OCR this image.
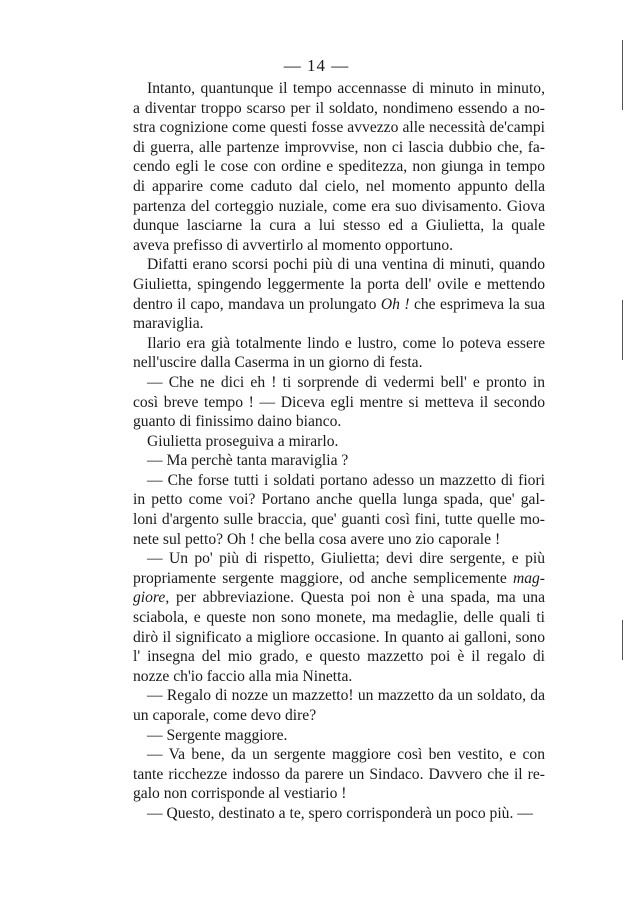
— 14 —
Intanto, quantunque il tempo accennasse di minuto in minuto,
a diventar troppo scarso per il soldato, nondimeno essendo a no-
stra cognizione come questi fosse avvezzo alle necessità de'campi
di guerra, alle partenze improvvise, non ci lascia dubbio che, fa-
cendo egli le cose con ordine e speditezza, non giunga in tempo
di apparire come caduto dal cielo, nel momento appunto della
partenza del corteggio nuziale, come era suo divisamento. Giova
dunque lasciarne la cura a lui stesso ed a Giulietta, la quale
aveva prefisso di avvertirlo al momento opportuno.
Difatti erano scorsi pochi più di una ventina di minuti, quando
Giulietta, spingendo leggermente la porta dell' ovile e mettendo
dentro il capo, mandava un prolungato Oh ! che esprimeva la sua
maraviglia.
Ilario era già totalmente lindo e lustro, come lo poteva essere
nell'uscire dalla Caserma in un giorno di festa.
— Che ne dici eh ! ti sorprende di vedermi bell' e pronto in
così breve tempo ! — Diceva egli mentre si metteva il secondo
guanto di finissimo daino bianco.
Giulietta proseguiva a mirarlo.
— Ma perchè tanta maraviglia ?
— Che forse tutti i soldati portano adesso un mazzetto di fiori
in petto come voi? Portano anche quella lunga spada, que' gal-
loni d'argento sulle braccia, que' guanti così fini, tutte quelle mo-
nete sul petto? Oh ! che bella cosa avere uno zio caporale !
— Un po' più di rispetto, Giulietta; devi dire sergente, e più
propriamente sergente maggiore, od anche semplicemente mag-
giore, per abbreviazione. Questa poi non è una spada, ma una
sciabola, e queste non sono monete, ma medaglie, delle quali ti
dirò il significato a migliore occasione. In quanto ai galloni, sono
l' insegna del mio grado, e questo mazzetto poi è il regalo di
nozze ch'io faccio alla mia Ninetta.
— Regalo di nozze un mazzetto! un mazzetto da un soldato, da
un caporale, come devo dire?
— Sergente maggiore.
— Va bene, da un sergente maggiore così ben vestito, e con
tante ricchezze indosso da parere un Sindaco. Davvero che il re-
galo non corrisponde al vestiario !
— Questo, destinato a te, spero corrisponderà un poco più. —
